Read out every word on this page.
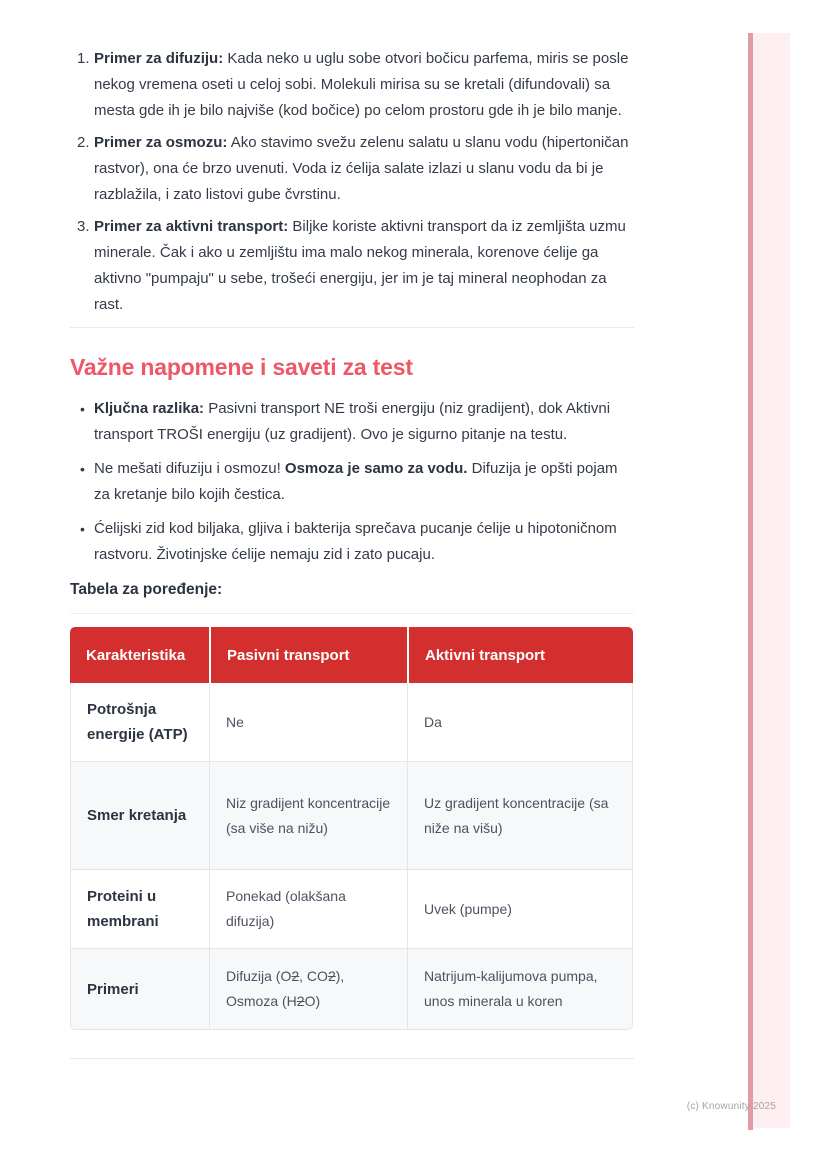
1. Primer za difuziju: Kada neko u uglu sobe otvori bočicu parfema, miris se posle nekog vremena oseti u celoj sobi. Molekuli mirisa su se kretali (difundovali) sa mesta gde ih je bilo najviše (kod bočice) po celom prostoru gde ih je bilo manje.

2. Primer za osmozu: Ako stavimo svežu zelenu salatu u slanu vodu (hipertoničan rastvor), ona će brzo uvenuti. Voda iz ćelija salate izlazi u slanu vodu da bi je razblažila, i zato listovi gube čvrstinu.

3. Primer za aktivni transport: Biljke koriste aktivni transport da iz zemljišta uzmu minerale. Čak i ako u zemljištu ima malo nekog minerala, korenove ćelije ga aktivno "pumpaju" u sebe, trošeći energiju, jer im je taj mineral neophodan za rast.

Važne napomene i saveti za test
• Ključna razlika: Pasivni transport NE troši energiju (niz gradijent), dok Aktivni transport TROŠI energiju (uz gradijent). Ovo je sigurno pitanje na testu.

• Ne mešati difuziju i osmozu! Osmoza je samo za vodu. Difuzija je opšti pojam za kretanje bilo kojih čestica.

• Ćelijski zid kod biljaka, gljiva i bakterija sprečava pucanje ćelije u hipotoničnom rastvoru. Životinjske ćelije nemaju zid i zato pucaju.

Tabela za poređenje:

Karakteristika	Pasivni transport	Aktivni transport
Potrošnja energije (ATP)	Ne	Da
Smer kretanja	Niz gradijent koncentracije (sa više na nižu)	Uz gradijent koncentracije (sa niže na višu)
Proteini u membrani	Ponekad (olakšana difuzija)	Uvek (pumpe)
Primeri	Difuzija (O2, CO2), Osmoza (H2O)	Natrijum-kalijumova pumpa, unos minerala u koren
(c) Knowunity 2025
